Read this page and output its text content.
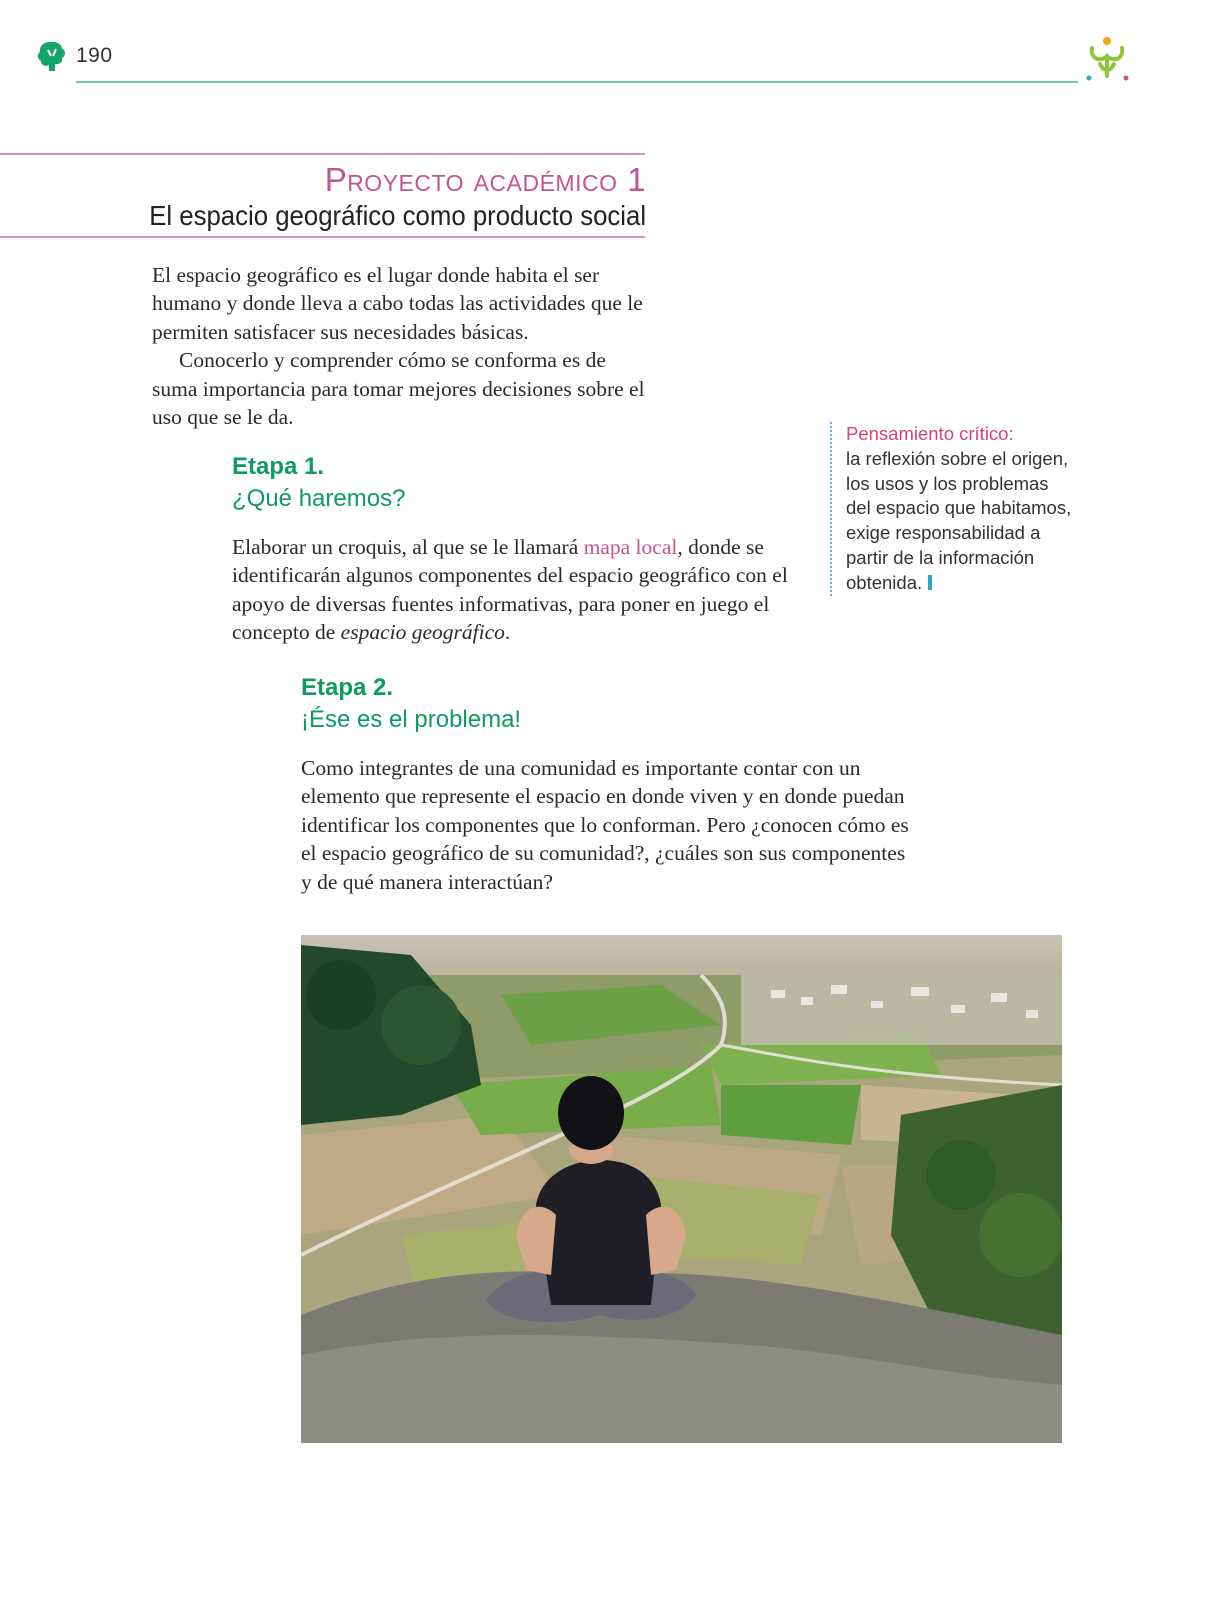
190
Proyecto académico 1
El espacio geográfico como producto social

El espacio geográfico es el lugar donde habita el ser humano y donde lleva a cabo todas las actividades que le permiten satisfacer sus necesidades básicas.

Conocerlo y comprender cómo se conforma es de suma importancia para tomar mejores decisiones sobre el uso que se le da.

Etapa 1.
¿Qué haremos?

Elaborar un croquis, al que se le llamará mapa local, donde se identificarán algunos componentes del espacio geográfico con el apoyo de diversas fuentes informativas, para poner en juego el concepto de espacio geográfico.

Pensamiento crítico:
la reflexión sobre el origen, los usos y los problemas del espacio que habitamos, exige responsabilidad a partir de la información obtenida.
Etapa 2.
¡Ése es el problema!

Como integrantes de una comunidad es importante contar con un elemento que represente el espacio en donde viven y en donde puedan identificar los componentes que lo conforman. Pero ¿conocen cómo es el espacio geográfico de su comunidad?, ¿cuáles son sus componentes y de qué manera interactúan?
